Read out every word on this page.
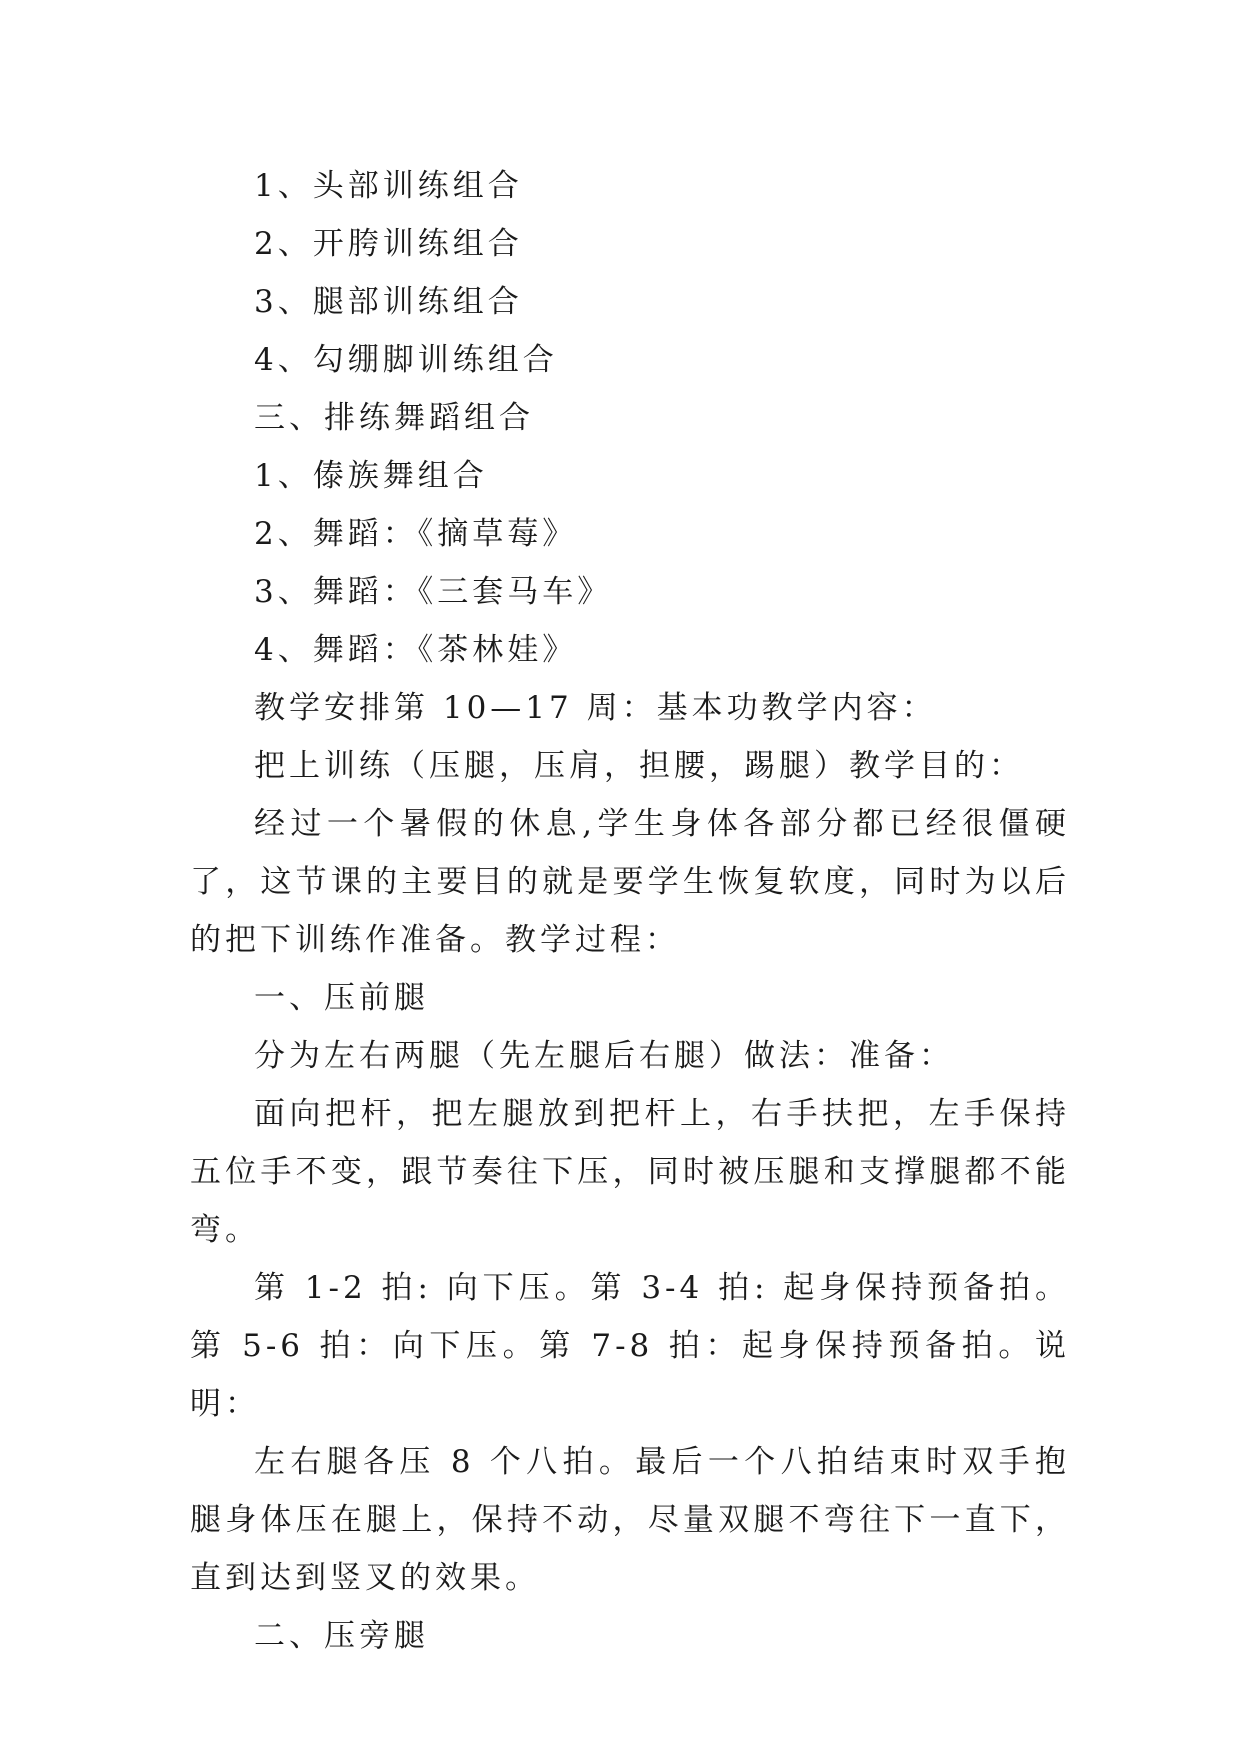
1、头部训练组合

2、开胯训练组合

3、腿部训练组合

4、勾绷脚训练组合

三、排练舞蹈组合

1、傣族舞组合

2、舞蹈：《摘草莓》

3、舞蹈：《三套马车》

4、舞蹈：《茶林娃》

教学安排第 10—17 周：基本功教学内容：

把上训练（压腿，压肩，担腰，踢腿）教学目的：

经过一个暑假的休息,学生身体各部分都已经很僵硬了，这节课的主要目的就是要学生恢复软度，同时为以后的把下训练作准备。教学过程：

一、压前腿

分为左右两腿（先左腿后右腿）做法：准备：

面向把杆，把左腿放到把杆上，右手扶把，左手保持五位手不变，跟节奏往下压，同时被压腿和支撑腿都不能弯。

第 1-2 拍: 向下压。第 3-4 拍: 起身保持预备拍。第 5-6 拍：向下压。第 7-8 拍：起身保持预备拍。说明：

左右腿各压 8 个八拍。最后一个八拍结束时双手抱腿身体压在腿上，保持不动，尽量双腿不弯往下一直下，直到达到竖叉的效果。

二、压旁腿
